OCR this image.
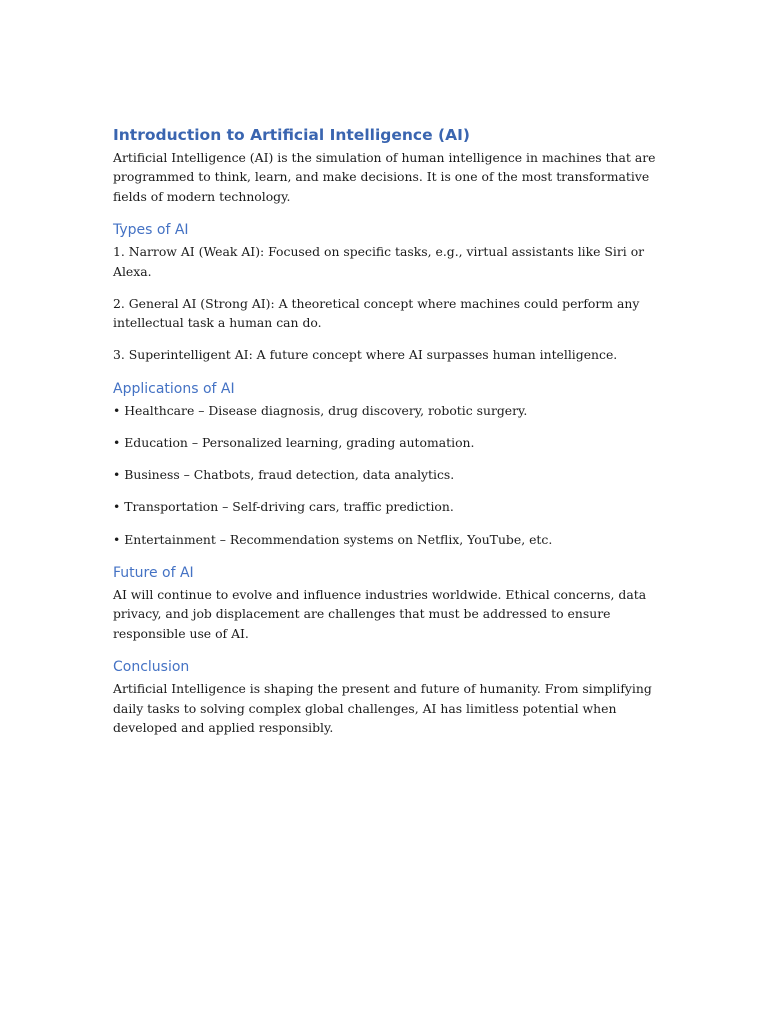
Introduction to Artificial Intelligence (AI)

Artificial Intelligence (AI) is the simulation of human intelligence in machines that are programmed to think, learn, and make decisions. It is one of the most transformative fields of modern technology.

Types of AI

1. Narrow AI (Weak AI): Focused on specific tasks, e.g., virtual assistants like Siri or Alexa.

2. General AI (Strong AI): A theoretical concept where machines could perform any intellectual task a human can do.

3. Superintelligent AI: A future concept where AI surpasses human intelligence.

Applications of AI

• Healthcare – Disease diagnosis, drug discovery, robotic surgery.

• Education – Personalized learning, grading automation.

• Business – Chatbots, fraud detection, data analytics.

• Transportation – Self-driving cars, traffic prediction.

• Entertainment – Recommendation systems on Netflix, YouTube, etc.

Future of AI

AI will continue to evolve and influence industries worldwide. Ethical concerns, data privacy, and job displacement are challenges that must be addressed to ensure responsible use of AI.

Conclusion

Artificial Intelligence is shaping the present and future of humanity. From simplifying daily tasks to solving complex global challenges, AI has limitless potential when developed and applied responsibly.
